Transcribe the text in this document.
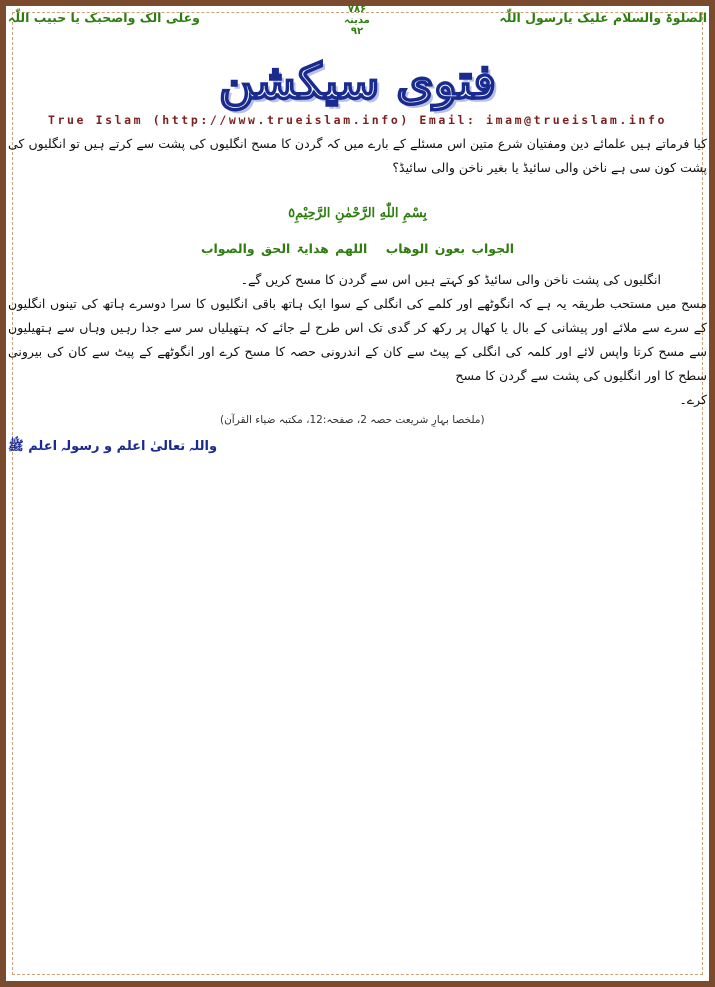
الصلوۃ والسلام علیک یارسول اللّٰہ
وعلی الک واصحبک یا حبیب اللّٰہ
۷۸۶
مدینہ
۹۲
فتوی سیکشن
True Islam (http://www.trueislam.info) Email: imam@trueislam.info
کیا فرماتے ہیں علمائے دین ومفتیان شرع متین اس مسئلے کے بارے میں کہ گردن کا مسح انگلیوں کی پشت سے کرتے ہیں تو انگلیوں کی پشت کون سی ہے ناخن والی سائیڈ یا بغیر ناخن والی سائیڈ؟
بِسْمِ اللّٰهِ الرَّحْمٰنِ الرَّحِيْمِ٥
الجواب بعون الوھاب اللھم ھدایۃ الحق والصواب

انگلیوں کی پشت ناخن والی سائیڈ کو کہتے ہیں اس سے گردن کا مسح کریں گے۔

مسح میں مستحب طریقہ یہ ہے کہ انگوٹھے اور کلمے کی انگلی کے سوا ایک ہاتھ باقی انگلیوں کا سرا دوسرے ہاتھ کی تینوں انگلیوں کے سرے سے ملائے اور پیشانی کے بال یا کھال پر رکھ کر گدی تک اس طرح لے جائے کہ ہتھیلیاں سر سے جدا رہیں وہاں سے ہتھیلیوں سے مسح کرتا واپس لائے اور کلمہ کی انگلی کے پیٹ سے کان کے اندرونی حصہ کا مسح کرے اور انگوٹھے کے پیٹ سے کان کی بیرونی سطح کا اور انگلیوں کی پشت سے گردن کا مسح

کرے۔

(ملخصا بہارِ شریعت حصہ 2، صفحہ:12، مکتبہ ضیاء القرآن)
واللہ تعالیٰ اعلم و رسولہ اعلم ﷺ
